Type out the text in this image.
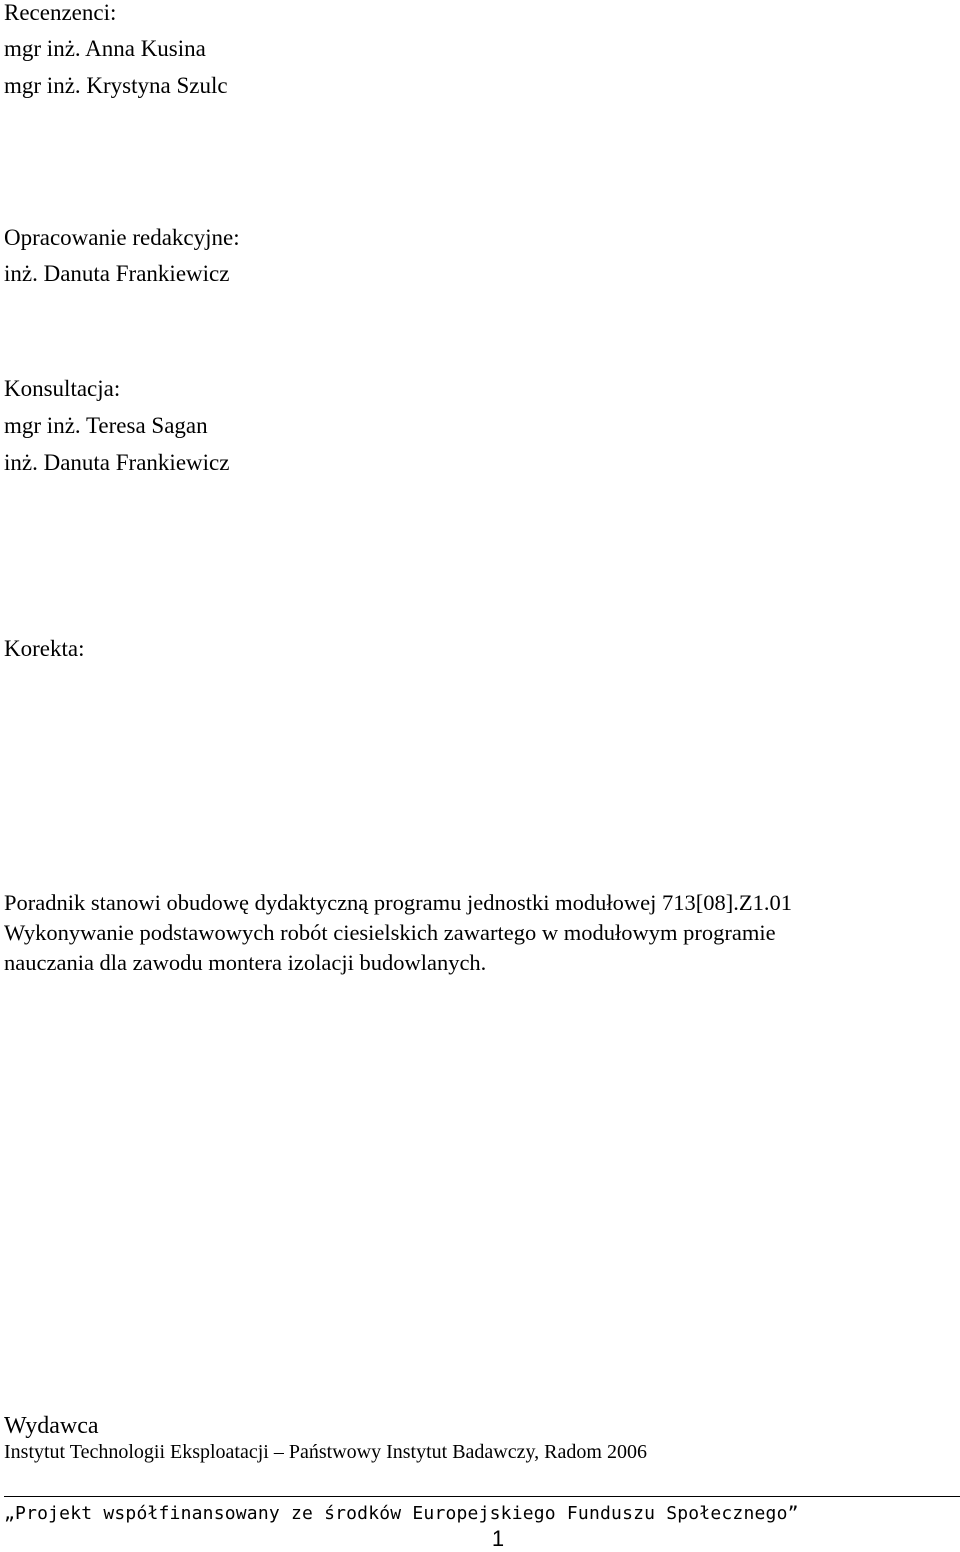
Recenzenci:
mgr inż. Anna Kusina
mgr inż. Krystyna Szulc
Opracowanie redakcyjne:
inż. Danuta Frankiewicz
Konsultacja:
mgr inż. Teresa Sagan
inż. Danuta Frankiewicz
Korekta:
Poradnik stanowi obudowę dydaktyczną programu jednostki modułowej 713[08].Z1.01
Wykonywanie podstawowych robót ciesielskich zawartego w modułowym programie
nauczania dla zawodu montera izolacji budowlanych.
Wydawca
Instytut Technologii Eksploatacji – Państwowy Instytut Badawczy, Radom 2006
„Projekt współfinansowany ze środków Europejskiego Funduszu Społecznego”
1
